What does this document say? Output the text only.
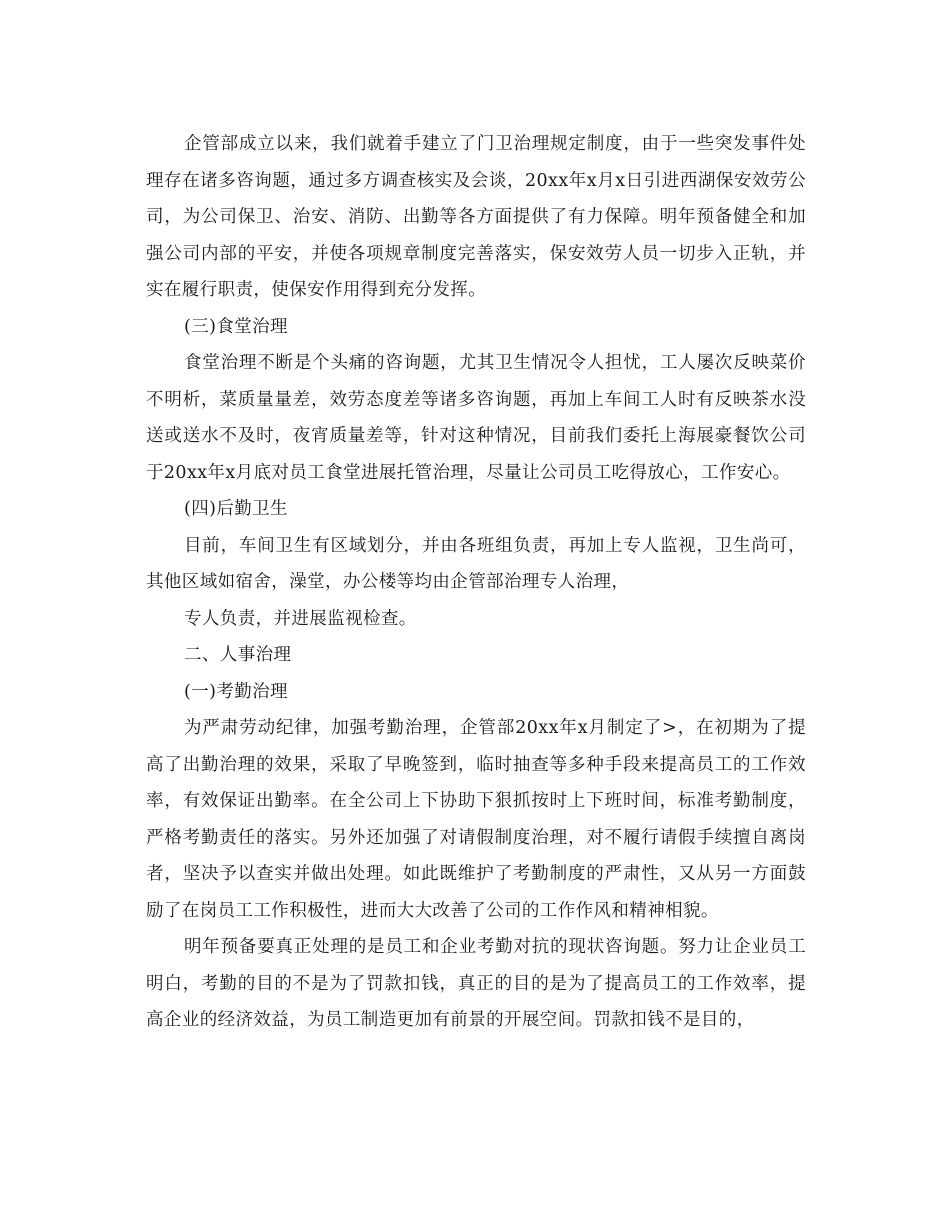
企管部成立以来，我们就着手建立了门卫治理规定制度，由于一些突发事件处理存在诸多咨询题，通过多方调查核实及会谈，20xx年x月x日引进西湖保安效劳公司，为公司保卫、治安、消防、出勤等各方面提供了有力保障。明年预备健全和加强公司内部的平安，并使各项规章制度完善落实，保安效劳人员一切步入正轨，并实在履行职责，使保安作用得到充分发挥。

(三)食堂治理

食堂治理不断是个头痛的咨询题，尤其卫生情况令人担忧，工人屡次反映菜价不明析，菜质量量差，效劳态度差等诸多咨询题，再加上车间工人时有反映茶水没送或送水不及时，夜宵质量差等，针对这种情况，目前我们委托上海展豪餐饮公司于20xx年x月底对员工食堂进展托管治理，尽量让公司员工吃得放心，工作安心。

(四)后勤卫生

目前，车间卫生有区域划分，并由各班组负责，再加上专人监视，卫生尚可，其他区域如宿舍，澡堂，办公楼等均由企管部治理专人治理，

专人负责，并进展监视检查。

二、人事治理

(一)考勤治理

为严肃劳动纪律，加强考勤治理，企管部20xx年x月制定了>，在初期为了提高了出勤治理的效果，采取了早晚签到，临时抽查等多种手段来提高员工的工作效率，有效保证出勤率。在全公司上下协助下狠抓按时上下班时间，标准考勤制度，严格考勤责任的落实。另外还加强了对请假制度治理，对不履行请假手续擅自离岗者，坚决予以查实并做出处理。如此既维护了考勤制度的严肃性，又从另一方面鼓励了在岗员工工作积极性，进而大大改善了公司的工作作风和精神相貌。

明年预备要真正处理的是员工和企业考勤对抗的现状咨询题。努力让企业员工明白，考勤的目的不是为了罚款扣钱，真正的目的是为了提高员工的工作效率，提高企业的经济效益，为员工制造更加有前景的开展空间。罚款扣钱不是目的，
